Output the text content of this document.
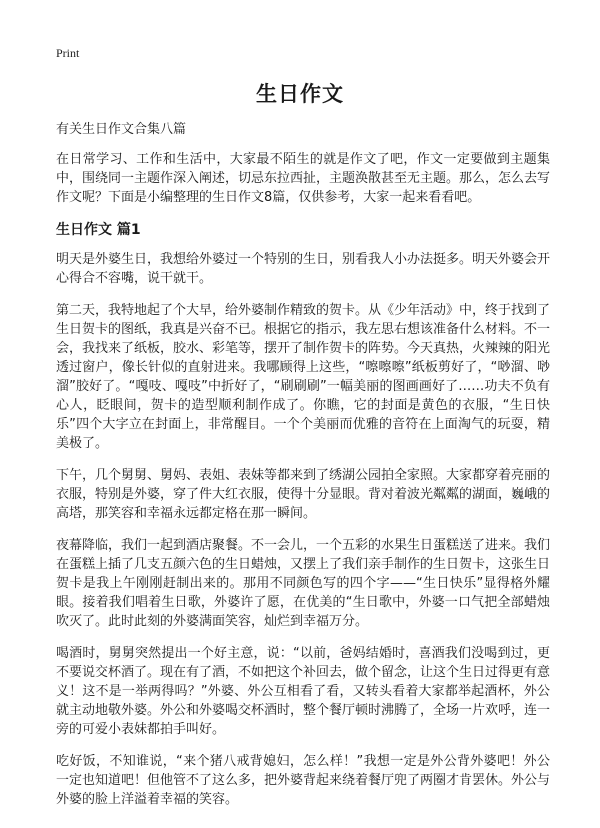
Print
生日作文

有关生日作文合集八篇

在日常学习、工作和生活中，大家最不陌生的就是作文了吧，作文一定要做到主题集中，围绕同一主题作深入阐述，切忌东拉西扯，主题涣散甚至无主题。那么，怎么去写作文呢？下面是小编整理的生日作文8篇，仅供参考，大家一起来看看吧。

生日作文 篇1

明天是外婆生日，我想给外婆过一个特别的生日，别看我人小办法挺多。明天外婆会开心得合不容嘴，说干就干。

第二天，我特地起了个大早，给外婆制作精致的贺卡。从《少年活动》中，终于找到了生日贺卡的图纸，我真是兴奋不已。根据它的指示，我左思右想该准备什么材料。不一会，我找来了纸板，胶水、彩笔等，摆开了制作贺卡的阵势。今天真热，火辣辣的阳光透过窗户，像长针似的直射进来。我哪顾得上这些，“嚓嚓嚓”纸板剪好了，“唦溜、唦溜”胶好了。“嘎吱、嘎吱”中折好了，“刷刷刷”一幅美丽的图画画好了……功夫不负有心人，眨眼间，贺卡的造型顺利制作成了。你瞧，它的封面是黄色的衣服，“生日快乐”四个大字立在封面上，非常醒目。一个个美丽而优雅的音符在上面淘气的玩耍，精美极了。

下午，几个舅舅、舅妈、表姐、表妹等都来到了绣湖公园拍全家照。大家都穿着亮丽的衣服，特别是外婆，穿了件大红衣服，使得十分显眼。背对着波光粼粼的湖面，巍峨的高塔，那笑容和幸福永远都定格在那一瞬间。

夜幕降临，我们一起到酒店聚餐。不一会儿，一个五彩的水果生日蛋糕送了进来。我们在蛋糕上插了几支五颜六色的生日蜡烛，又摆上了我们亲手制作的生日贺卡，这张生日贺卡是我上午刚刚赶制出来的。那用不同颜色写的四个字——“生日快乐”显得格外耀眼。接着我们唱着生日歌，外婆许了愿，在优美的“生日歌中，外婆一口气把全部蜡烛吹灭了。此时此刻的外婆满面笑容，灿烂到幸福万分。

喝酒时，舅舅突然提出一个好主意，说：“以前，爸妈结婚时，喜酒我们没喝到过，更不要说交杯酒了。现在有了酒，不如把这个补回去，做个留念，让这个生日过得更有意义！这不是一举两得吗？”外婆、外公互相看了看，又转头看着大家都举起酒杯，外公就主动地敬外婆。外公和外婆喝交杯酒时，整个餐厅顿时沸腾了，全场一片欢呼，连一旁的可爱小表妹都拍手叫好。

吃好饭，不知谁说，“来个猪八戒背媳妇，怎么样！”我想一定是外公背外婆吧！外公一定也知道吧！但他管不了这么多，把外婆背起来绕着餐厅兜了两圈才肯罢休。外公与外婆的脸上洋溢着幸福的笑容。
